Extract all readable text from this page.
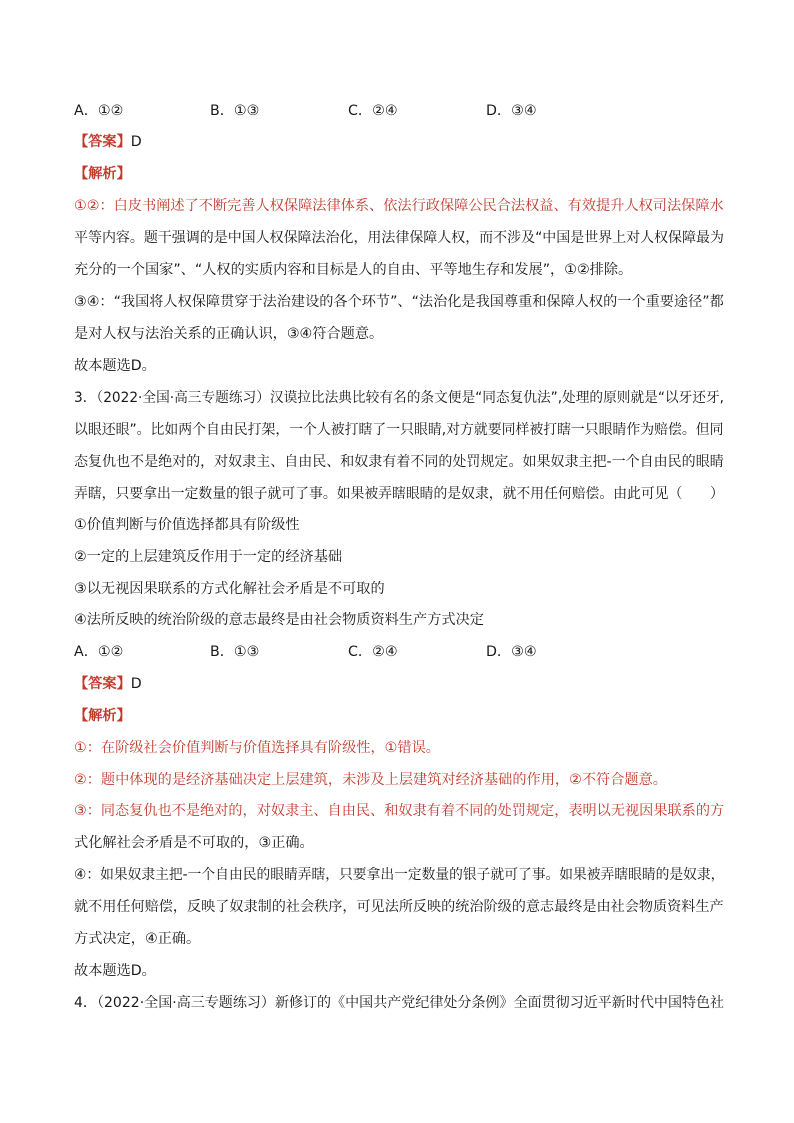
A．①②	B．①③	C．②④	D．③④
【答案】D
【解析】
①②：白皮书阐述了不断完善人权保障法律体系、依法行政保障公民合法权益、有效提升人权司法保障水
平等内容。题干强调的是中国人权保障法治化，用法律保障人权，而不涉及“中国是世界上对人权保障最为
充分的一个国家”、“人权的实质内容和目标是人的自由、平等地生存和发展”，①②排除。
③④：“我国将人权保障贯穿于法治建设的各个环节”、“法治化是我国尊重和保障人权的一个重要途径”都
是对人权与法治关系的正确认识，③④符合题意。
故本题选D。
3．（2022·全国·高三专题练习）汉谟拉比法典比较有名的条文便是“同态复仇法”,处理的原则就是“以牙还牙,
以眼还眼”。比如两个自由民打架，一个人被打瞎了一只眼睛,对方就要同样被打瞎一只眼睛作为赔偿。但同
态复仇也不是绝对的，对奴隶主、自由民、和奴隶有着不同的处罚规定。如果奴隶主把-一个自由民的眼睛
弄瞎，只要拿出一定数量的银子就可了事。如果被弄瞎眼睛的是奴隶，就不用任何赔偿。由此可见（　　）
①价值判断与价值选择都具有阶级性
②一定的上层建筑反作用于一定的经济基础
③以无视因果联系的方式化解社会矛盾是不可取的
④法所反映的统治阶级的意志最终是由社会物质资料生产方式决定
A．①②	B．①③	C．②④	D．③④
【答案】D
【解析】
①：在阶级社会价值判断与价值选择具有阶级性，①错误。
②：题中体现的是经济基础决定上层建筑，未涉及上层建筑对经济基础的作用，②不符合题意。
③：同态复仇也不是绝对的，对奴隶主、自由民、和奴隶有着不同的处罚规定，表明以无视因果联系的方
式化解社会矛盾是不可取的，③正确。
④：如果奴隶主把-一个自由民的眼睛弄瞎，只要拿出一定数量的银子就可了事。如果被弄瞎眼睛的是奴隶，
就不用任何赔偿，反映了奴隶制的社会秩序，可见法所反映的统治阶级的意志最终是由社会物质资料生产
方式决定，④正确。
故本题选D。
4．（2022·全国·高三专题练习）新修订的《中国共产党纪律处分条例》全面贯彻习近平新时代中国特色社
